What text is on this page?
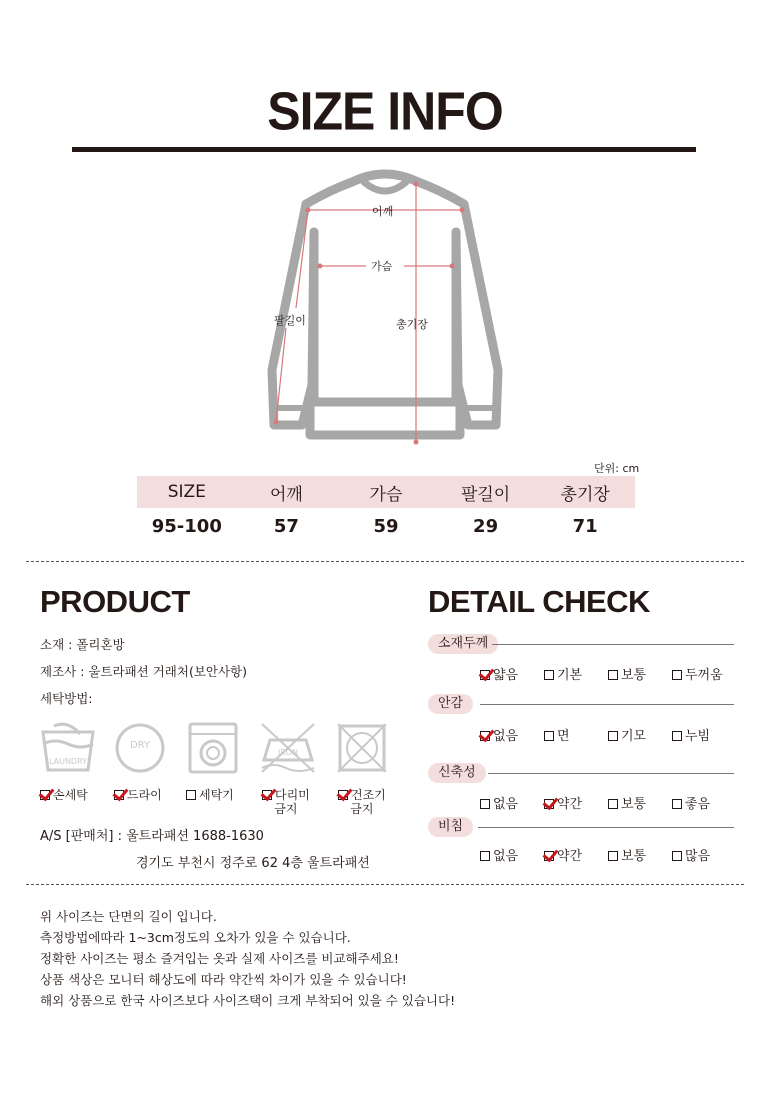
SIZE INFO
어깨
가슴
팔길이	총기장
단위: cm
SIZE	어깨	가슴	팔길이	총기장
95-100	57	59	29	71
PRODUCT
소재 : 폴리혼방
제조사 : 울트라패션 거래처(보안사항)
세탁방법:
LAUNDRY
DRY
IRON
손세탁	드라이	세탁기	다리미
금지
건조기
금지
A/S [판매처] : 울트라패션 1688-1630
경기도 부천시 정주로 62 4층 울트라패션
DETAIL CHECK
소재두께
얇음	기본	보통	두꺼움
안감
없음	면	기모	누빔
신축성
없음	약간	보통	좋음
비침
없음	약간	보통	많음
위 사이즈는 단면의 길이 입니다.
측정방법에따라 1~3cm정도의 오차가 있을 수 있습니다.
정확한 사이즈는 평소 즐겨입는 옷과 실제 사이즈를 비교해주세요!
상품 색상은 모니터 해상도에 따라 약간씩 차이가 있을 수 있습니다!
해외 상품으로 한국 사이즈보다 사이즈택이 크게 부착되어 있을 수 있습니다!
